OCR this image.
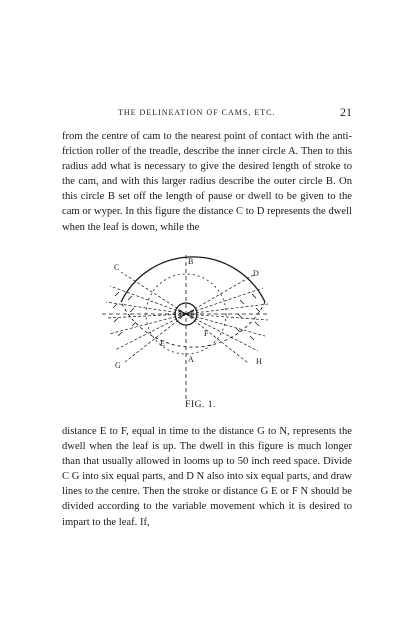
THE DELINEATION OF CAMS, ETC.	21

from the centre of cam to the nearest point of contact with the anti-friction roller of the treadle, describe the inner circle A. Then to this radius add what is necessary to give the desired length of stroke to the cam, and with this larger radius describe the outer circle B. On this circle B set off the length of pause or dwell to be given to the cam or wyper. In this figure the distance C to D represents the dwell when the leaf is down, while the

B
C
D
E
F
G	H
A
FIG. 1.

distance E to F, equal in time to the distance G to N, represents the dwell when the leaf is up. The dwell in this figure is much longer than that usually allowed in looms up to 50 inch reed space. Divide C G into six equal parts, and D N also into six equal parts, and draw lines to the centre. Then the stroke or distance G E or F N should be divided according to the variable movement which it is desired to impart to the leaf. If,
